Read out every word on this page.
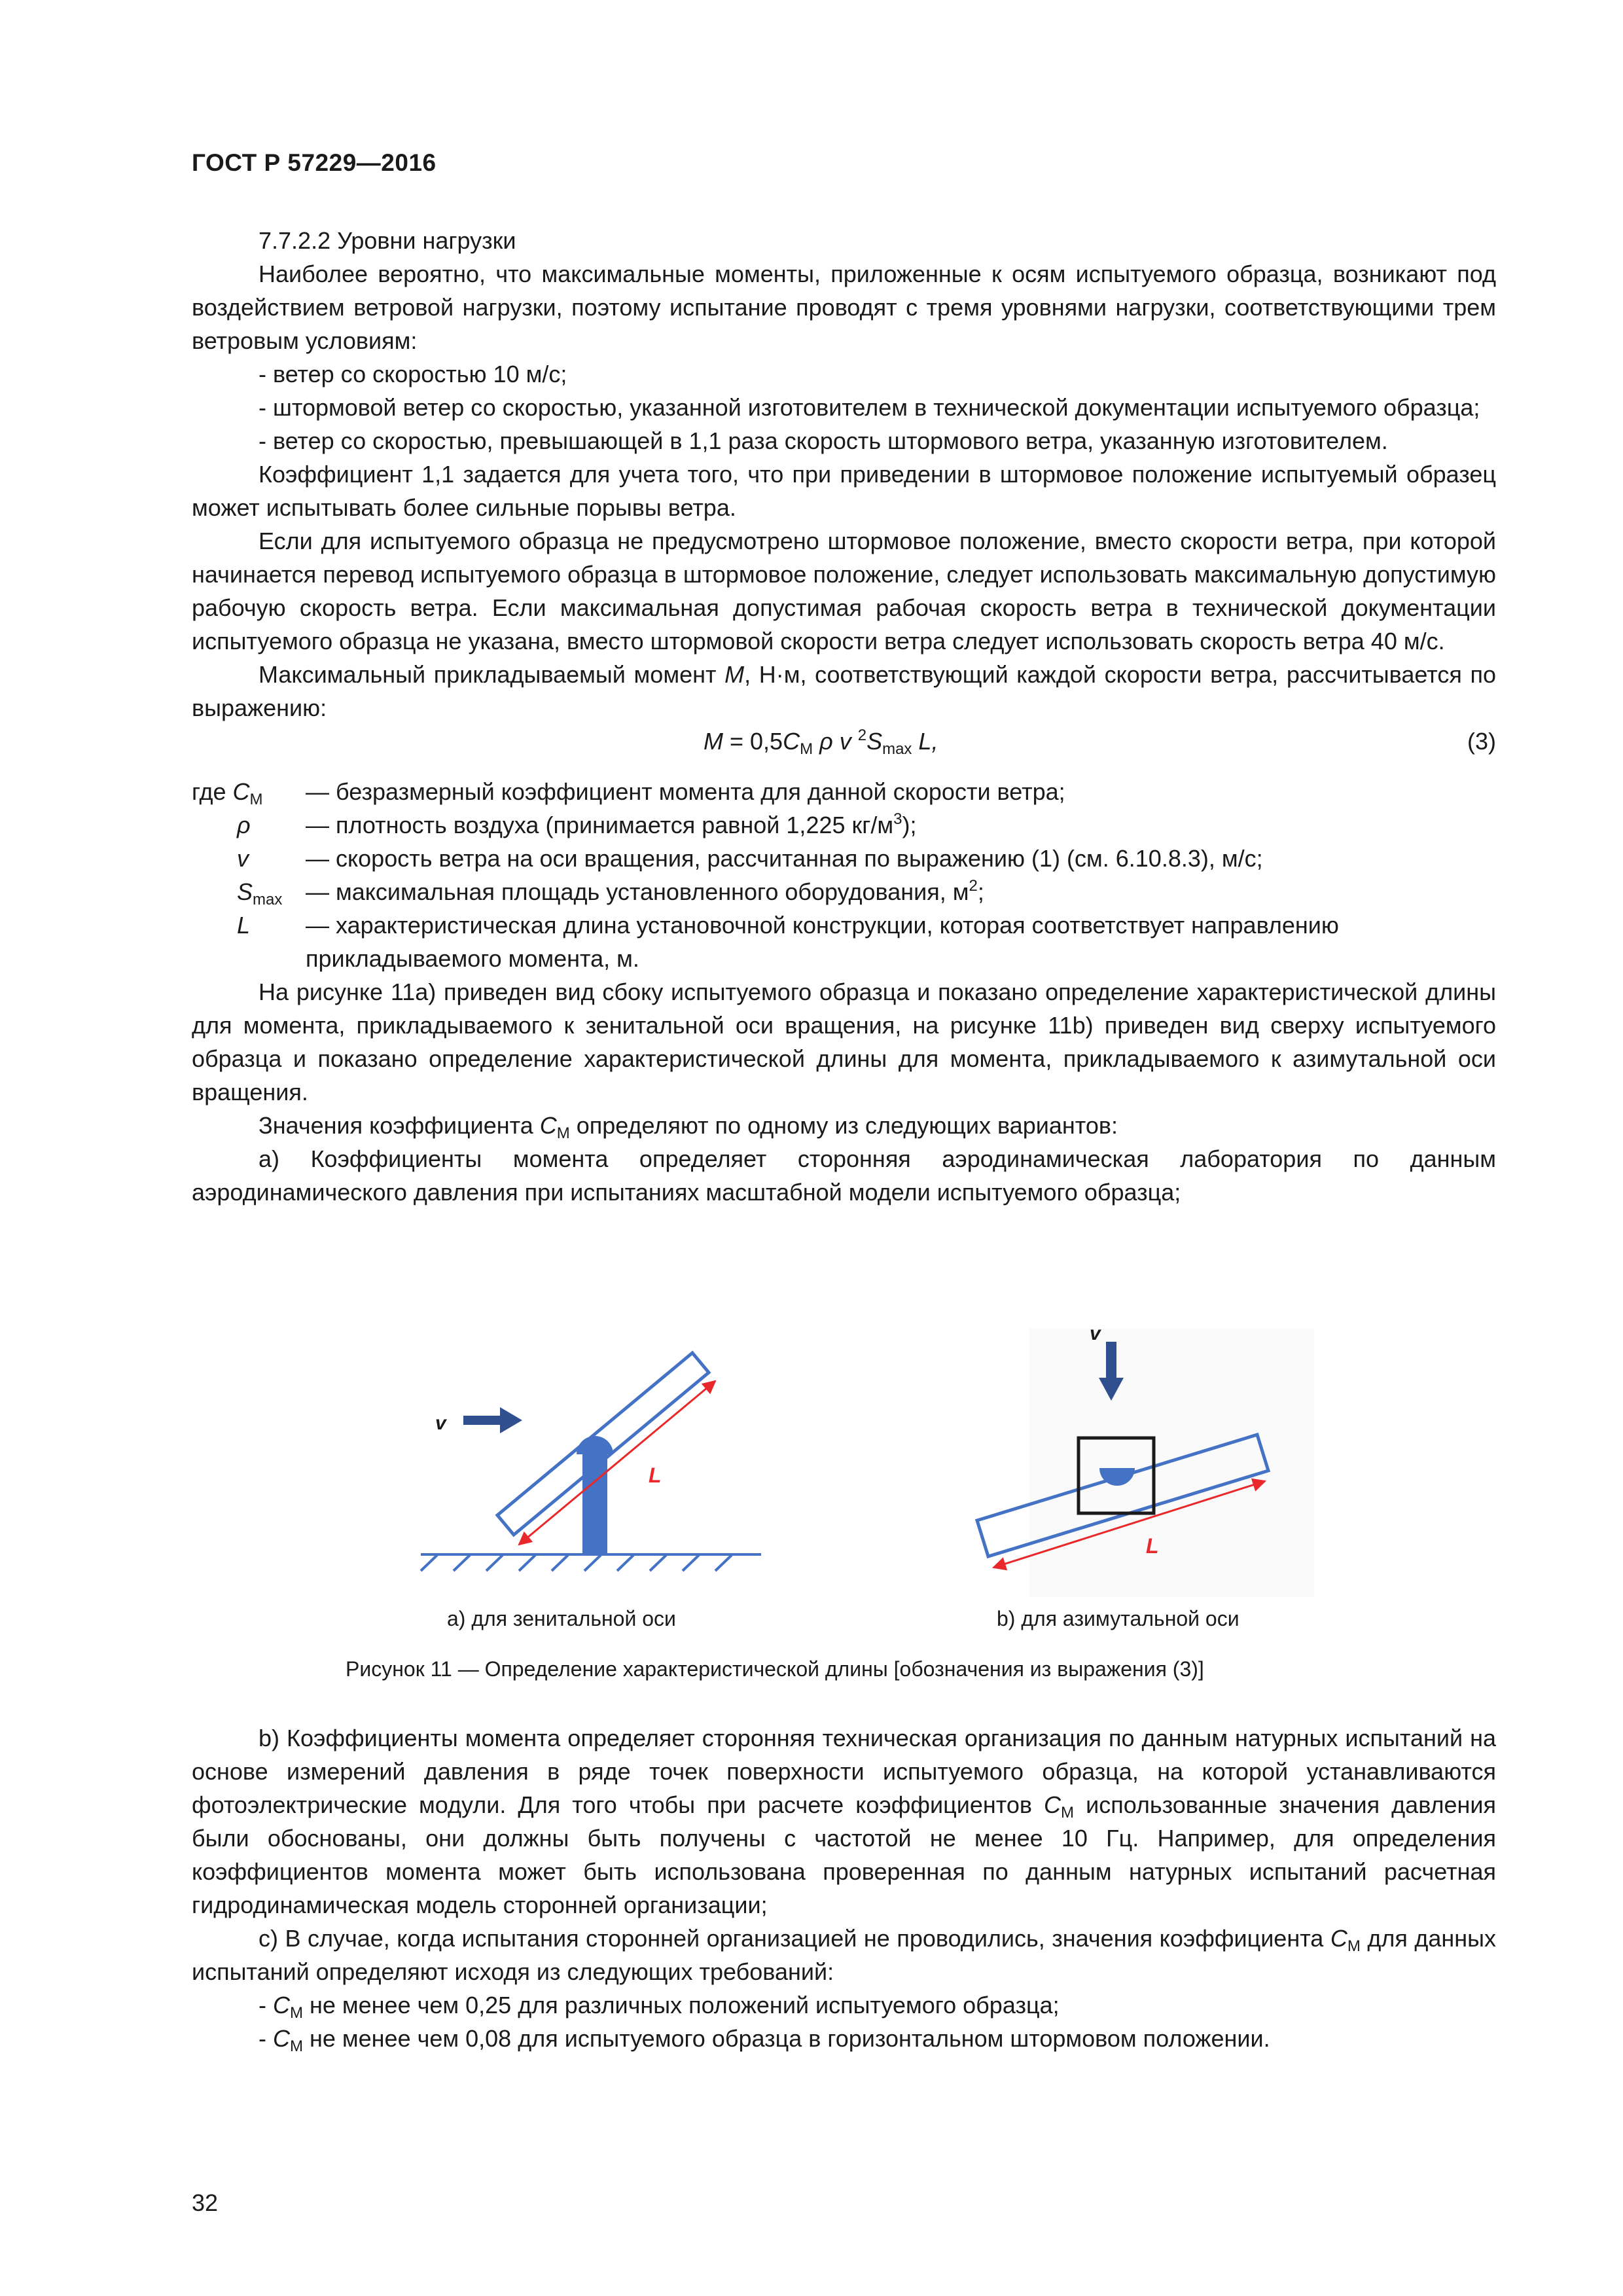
ГОСТ Р 57229—2016

7.7.2.2 Уровни нагрузки

Наиболее вероятно, что максимальные моменты, приложенные к осям испытуемого образца, возникают под воздействием ветровой нагрузки, поэтому испытание проводят с тремя уровнями нагрузки, соответствующими трем ветровым условиям:

- ветер со скоростью 10 м/с;

- штормовой ветер со скоростью, указанной изготовителем в технической документации испытуемого образца;

- ветер со скоростью, превышающей в 1,1 раза скорость штормового ветра, указанную изготовителем.

Коэффициент 1,1 задается для учета того, что при приведении в штормовое положение испытуемый образец может испытывать более сильные порывы ветра.

Если для испытуемого образца не предусмотрено штормовое положение, вместо скорости ветра, при которой начинается перевод испытуемого образца в штормовое положение, следует использовать максимальную допустимую рабочую скорость ветра. Если максимальная допустимая рабочая скорость ветра в технической документации испытуемого образца не указана, вместо штормовой скорости ветра следует использовать скорость ветра 40 м/с.

Максимальный прикладываемый момент M, Н·м, соответствующий каждой скорости ветра, рассчитывается по выражению:

$M = 0,5C_M$ ρ v $^2S_{max}$ L,	(3)
где $C_M$	— безразмерный коэффициент момента для данной скорости ветра;
ρ	— плотность воздуха (принимается равной 1,225 $кг/м^3$);
v	— скорость ветра на оси вращения, рассчитанная по выражению (1) (см. 6.10.8.3), м/с;
$S_{max}$ — максимальная площадь установленного оборудования, $м^2$;
L	— характеристическая длина установочной конструкции, которая соответствует направлению прикладываемого момента, м.

На рисунке 11а) приведен вид сбоку испытуемого образца и показано определение характеристической длины для момента, прикладываемого к зенитальной оси вращения, на рисунке 11b) приведен вид сверху испытуемого образца и показано определение характеристической длины для момента, прикладываемого к азимутальной оси вращения.

Значения коэффициента $C_M$ определяют по одному из следующих вариантов:

а) Коэффициенты момента определяет сторонняя аэродинамическая лаборатория по данным аэродинамического давления при испытаниях масштабной модели испытуемого образца;

v
L
v
L
а) для зенитальной оси	b) для азимутальной оси
Рисунок 11 — Определение характеристической длины [обозначения из выражения (3)]

b) Коэффициенты момента определяет сторонняя техническая организация по данным натурных испытаний на основе измерений давления в ряде точек поверхности испытуемого образца, на которой устанавливаются фотоэлектрические модули. Для того чтобы при расчете коэффициентов $C_M$ использованные значения давления были обоснованы, они должны быть получены с частотой не менее 10 Гц. Например, для определения коэффициентов момента может быть использована проверенная по данным натурных испытаний расчетная гидродинамическая модель сторонней организации;

с) В случае, когда испытания сторонней организацией не проводились, значения коэффициента $C_M$ для данных испытаний определяют исходя из следующих требований:

- $C_M$ не менее чем 0,25 для различных положений испытуемого образца;

- $C_M$ не менее чем 0,08 для испытуемого образца в горизонтальном штормовом положении.

32
